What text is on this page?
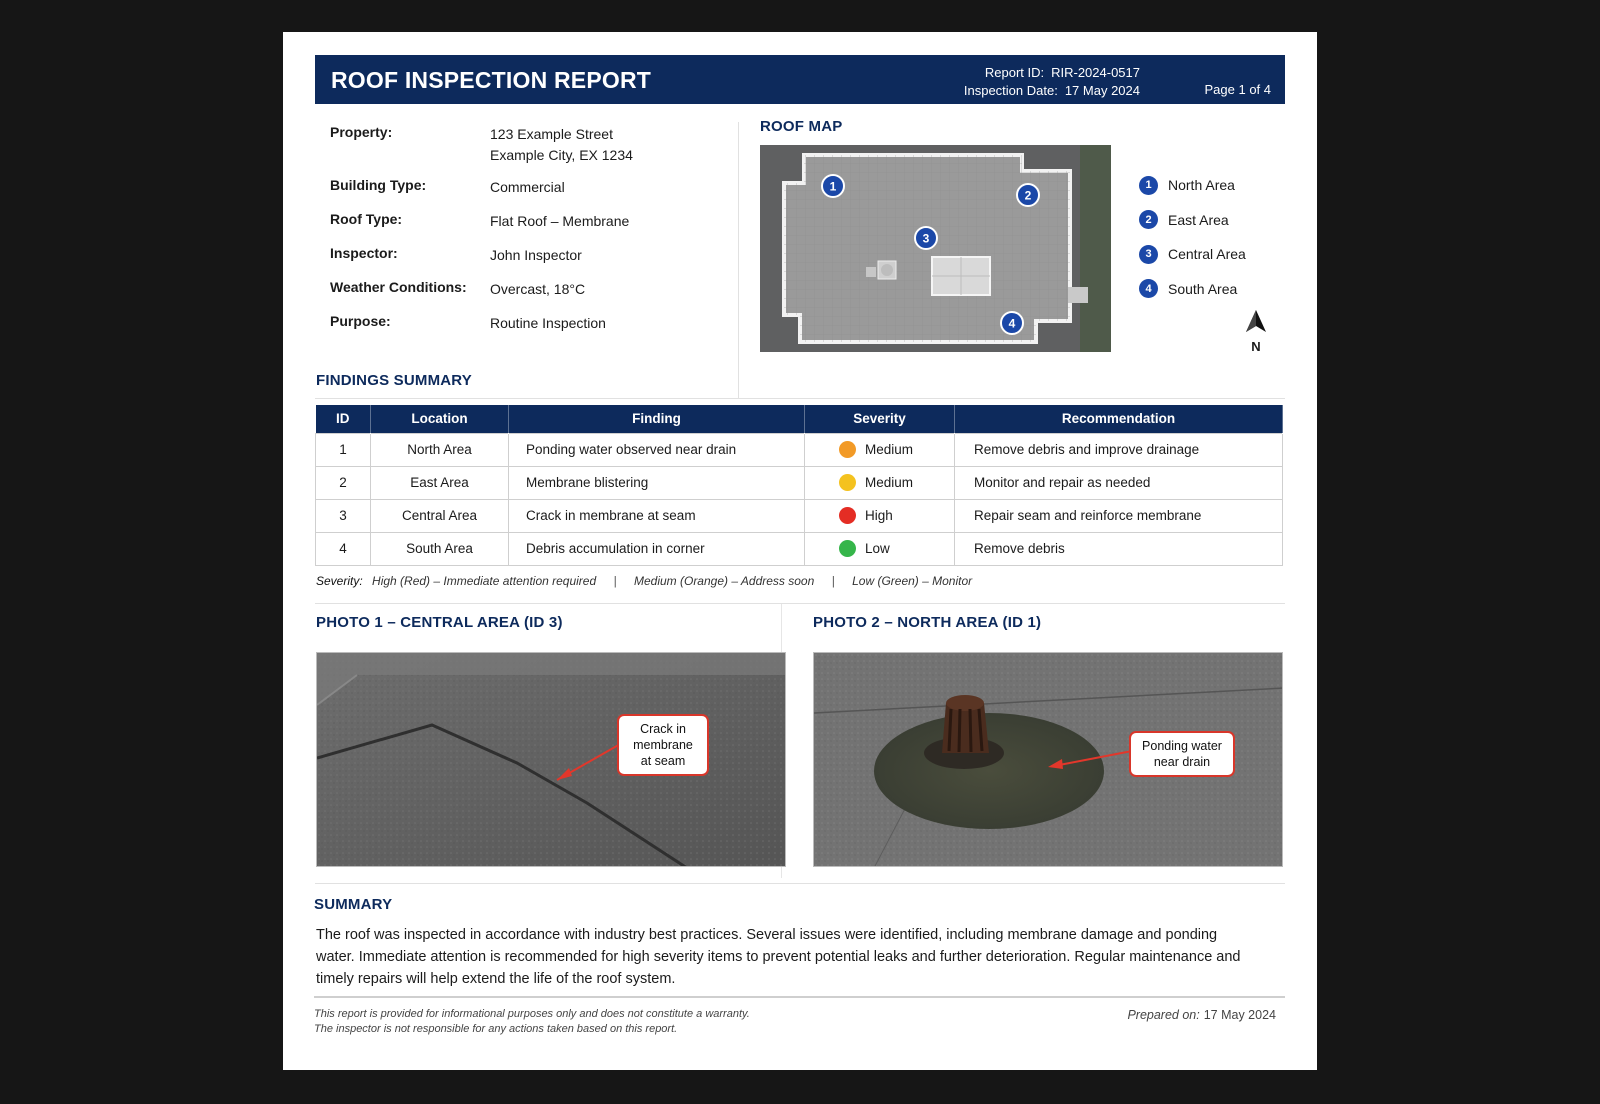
ROOF INSPECTION REPORT	Report ID: RIR-2024-0517
Inspection Date: 17 May 2024	Page 1 of 4
Property:	123 Example Street
Example City, EX 1234
Building Type:	Commercial
Roof Type:	Flat Roof – Membrane
Inspector:	John Inspector
Weather Conditions:	Overcast, 18°C
Purpose:	Routine Inspection
ROOF MAP
1
2
3
4
1	North Area
2	East Area
3	Central Area
4	South Area
N
FINDINGS SUMMARY
ID	Location	Finding	Severity	Recommendation
1	North Area	Ponding water observed near drain	Medium	Remove debris and improve drainage
2	East Area	Membrane blistering	Medium	Monitor and repair as needed
3	Central Area	Crack in membrane at seam	High	Repair seam and reinforce membrane
4	South Area	Debris accumulation in corner	Low	Remove debris
Severity: High (Red) – Immediate attention required | Medium (Orange) – Address soon | Low (Green) – Monitor
PHOTO 1 – CENTRAL AREA (ID 3)	PHOTO 2 – NORTH AREA (ID 1)
Crack in
membrane
at seam
Ponding water
near drain
SUMMARY
The roof was inspected in accordance with industry best practices. Several issues were identified, including membrane damage and ponding water. Immediate attention is recommended for high severity items to prevent potential leaks and further deterioration. Regular maintenance and timely repairs will help extend the life of the roof system.
This report is provided for informational purposes only and does not constitute a warranty.
The inspector is not responsible for any actions taken based on this report.
Prepared on: 17 May 2024
